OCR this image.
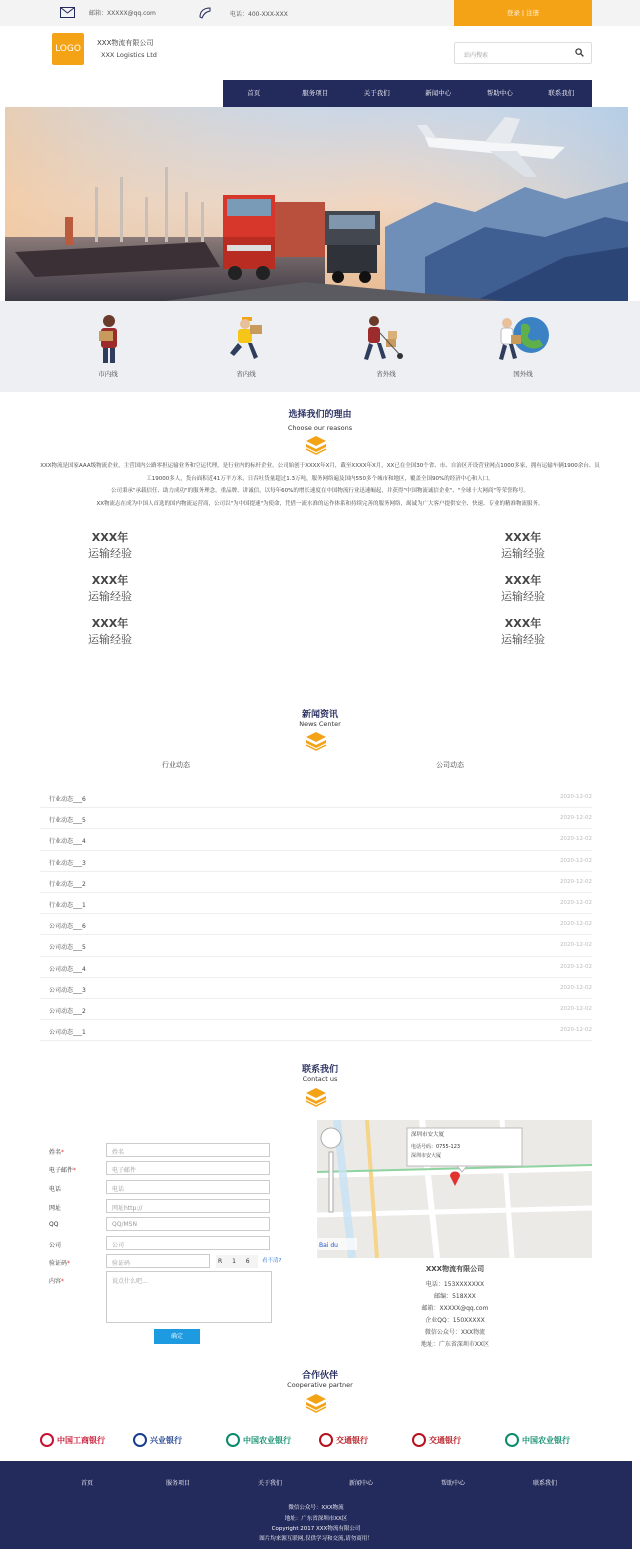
邮箱：XXXXX@qq.com	电话：400-XXX-XXX	登录 | 注册
LOGO
XXX物流有限公司
XXX Logistics Ltd	站内搜索
首页	服务项目	关于我们	新闻中心	帮助中心	联系我们
市内线	省内线	省外线	国外线
选择我们的理由
Choose our reasons
XXX物流是国家AAA级物流企业，主营国内公路零担运输业务和空运代理，是行业内的标杆企业。公司始创于XXXX年X月，截至XXXX年X月，XX已在全国30个省、市、自治区开设营业网点1000多家，拥有运输车辆1900余台、员工19000多人，货台面积近41万平方米，日吞吐货量超过1.3万吨，服务网络遍及国内550多个城市和地区，覆盖全国90%的经济中心和人口。
公司秉承"承载信任、助力成功"的服务理念，重品牌、讲诚信，以每年60%的增长速度在中国物流行业迅速崛起，并获得"中国物流诚信企业"、"全球十大网商"等荣誉称号。
XX物流志在成为中国人首选的国内物流运营商，公司以"为中国提速"为使命，凭借一流水准的运作体系和持续完善的服务网络，竭诚为广大客户提供安全、快速、专业的精准物流服务。
XXX年
运输经验
XXX年
运输经验
XXX年
运输经验
XXX年
运输经验
XXX年
运输经验
XXX年
运输经验
新闻资讯
News Center
行业动态	公司动态
行业动态___6	2020-12-02
行业动态___5	2020-12-02
行业动态___4	2020-12-02
行业动态___3	2020-12-02
行业动态___2	2020-12-02
行业动态___1	2020-12-02
公司动态___6	2020-12-02
公司动态___5	2020-12-02
公司动态___4	2020-12-02
公司动态___3	2020-12-02
公司动态___2	2020-12-02
公司动态___1	2020-12-02
联系我们
Contact us
姓名*	姓名
电子邮件*	电子邮件
电话	电话
网址	网址http://
QQ	QQ/MSN
公司	公司
验证码*	验证码	R 1 6	看不清?
内容*	说点什么吧...
确定
Bai du
深圳市安大厦
电话号码：0755-123
深圳市安大厦
XXX物流有限公司
电话：153XXXXXXX
邮编：518XXX
邮箱：XXXXX@qq.com
企业QQ：150XXXXX
微信公众号：XXX物流
地址：广东省深圳市XX区
合作伙伴
Cooperative partner
中国工商银行	兴业银行	中国农业银行	交通银行	交通银行	中国农业银行
首页	服务项目	关于我们	新闻中心	帮助中心	联系我们
微信公众号：XXX物流
地址：广东省深圳市XX区
Copyright 2017 XXX物流有限公司
图片均来源互联网,仅供学习和交流,请勿商用！
